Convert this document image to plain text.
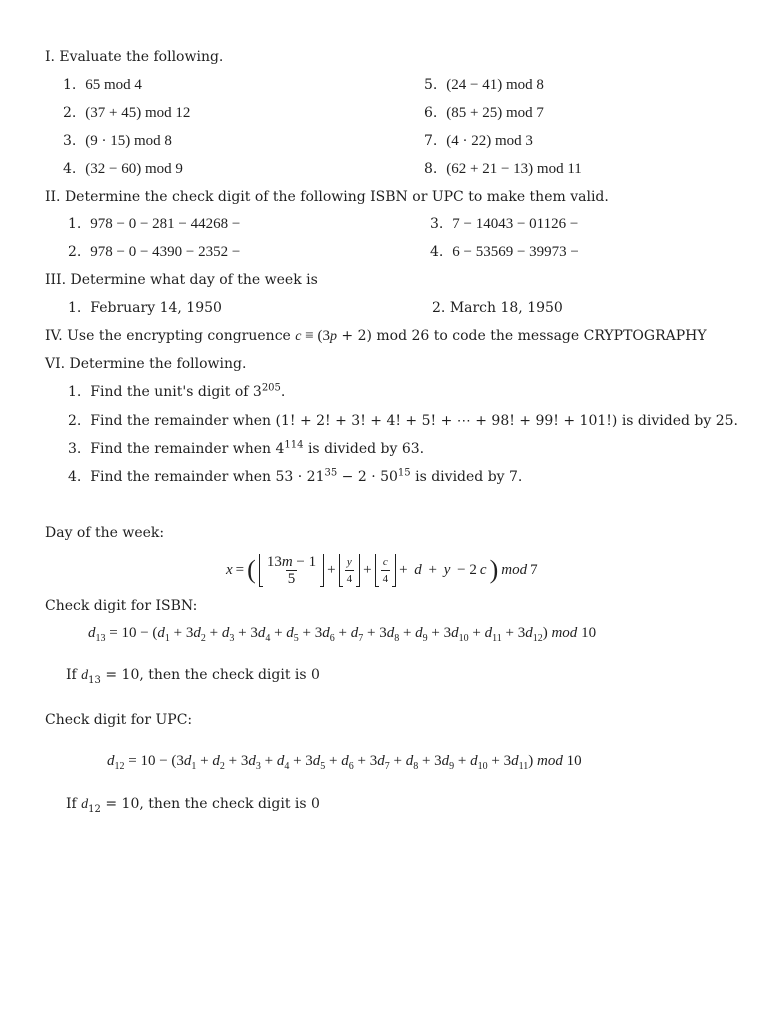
I. Evaluate the following.
1. 65 mod 4
2. (37 + 45) mod 12
3. (9 · 15) mod 8
4. (32 − 60) mod 9
5. (24 − 41) mod 8
6. (85 + 25) mod 7
7. (4 · 22) mod 3
8. (62 + 21 − 13) mod 11
II. Determine the check digit of the following ISBN or UPC to make them valid.
1. 978 − 0 − 281 − 44268 −
2. 978 − 0 − 4390 − 2352 −
3. 7 − 14043 − 01126 −
4. 6 − 53569 − 39973 −
III. Determine what day of the week is
1. February 14, 1950	2. March 18, 1950
IV. Use the encrypting congruence c ≡ (3p + 2) mod 26 to code the message CRYPTOGRAPHY
VI. Determine the following.
1. Find the unit's digit of $3^{205}$.
2. Find the remainder when (1! + 2! + 3! + 4! + 5! + ⋯ + 98! + 99! + 101!) is divided by 25.
3. Find the remainder when $4^{114}$ is divided by 63.
4. Find the remainder when $53 \cdot 21^{35} - 2 \cdot 50^{15}$ is divided by 7.
Day of the week:
x = ( $\frac{13m - 1}{5} + \frac{y}{4} + \frac{c}{4} + d + y - 2$ c ) mod 7
Check digit for ISBN:
$d_{13} = 10 - (d_1 + 3d_2 + d_3 + 3d_4 + d_5 + 3d_6 + d_7 + 3d_8 + d_9 + 3d_{10} + d_{11} + 3d_{12})$ mod 10
If $d_{13} = 10$, then the check digit is 0
Check digit for UPC:
$d_{12} = 10 - (3d_1 + d_2 + 3d_3 + d_4 + 3d_5 + d_6 + 3d_7 + d_8 + 3d_9 + d_{10} + 3d_{11})$ mod 10
If $d_{12} = 10$, then the check digit is 0
